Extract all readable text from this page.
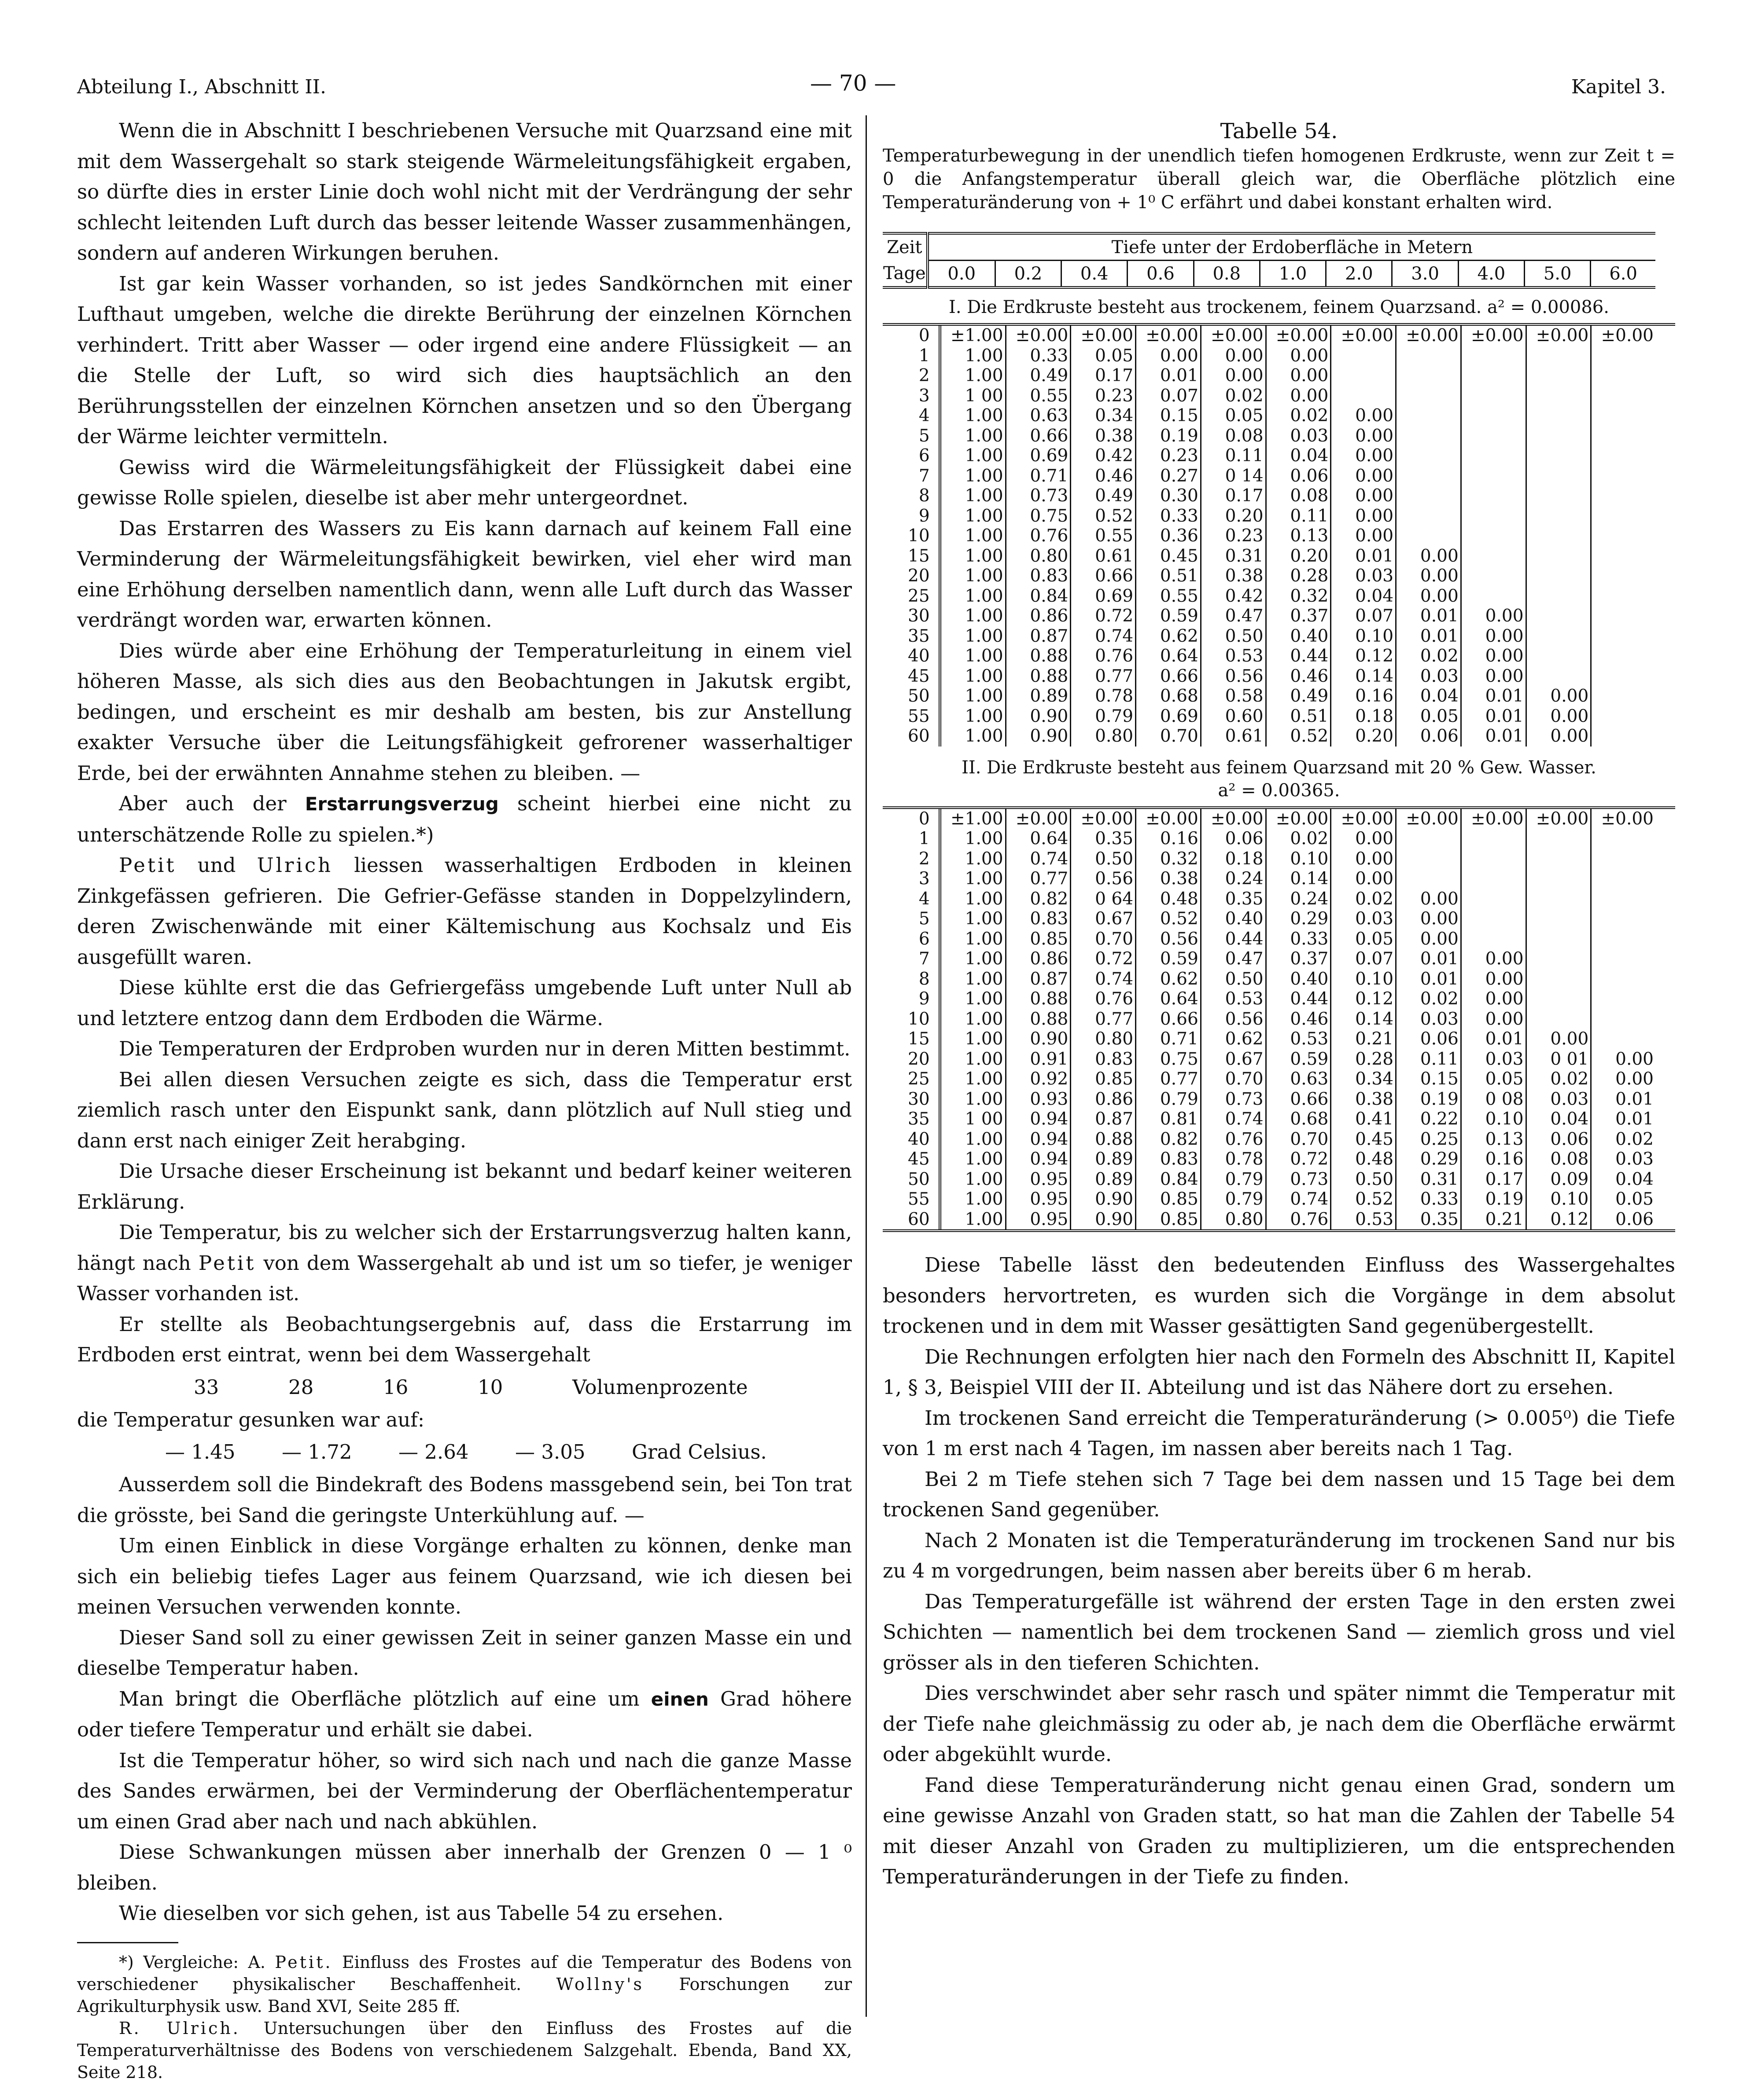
Abteilung I., Abschnitt II.	— 70 —	Kapitel 3.

Wenn die in Abschnitt I beschriebenen Versuche mit Quarzsand eine mit mit dem Wassergehalt so stark steigende Wärmeleitungsfähigkeit ergaben, so dürfte dies in erster Linie doch wohl nicht mit der Verdrängung der sehr schlecht leitenden Luft durch das besser leitende Wasser zusammenhängen, sondern auf anderen Wirkungen beruhen.

Ist gar kein Wasser vorhanden, so ist jedes Sandkörnchen mit einer Lufthaut umgeben, welche die direkte Berührung der einzelnen Körnchen verhindert. Tritt aber Wasser — oder irgend eine andere Flüssigkeit — an die Stelle der Luft, so wird sich dies hauptsächlich an den Berührungsstellen der einzelnen Körnchen ansetzen und so den Übergang der Wärme leichter vermitteln.

Gewiss wird die Wärmeleitungsfähigkeit der Flüssigkeit dabei eine gewisse Rolle spielen, dieselbe ist aber mehr untergeordnet.

Das Erstarren des Wassers zu Eis kann darnach auf keinem Fall eine Verminderung der Wärmeleitungsfähigkeit bewirken, viel eher wird man eine Erhöhung derselben namentlich dann, wenn alle Luft durch das Wasser verdrängt worden war, erwarten können.

Dies würde aber eine Erhöhung der Temperaturleitung in einem viel höheren Masse, als sich dies aus den Beobachtungen in Jakutsk ergibt, bedingen, und erscheint es mir deshalb am besten, bis zur Anstellung exakter Versuche über die Leitungsfähigkeit gefrorener wasserhaltiger Erde, bei der erwähnten Annahme stehen zu bleiben. —

Aber auch der Erstarrungsverzug scheint hierbei eine nicht zu unterschätzende Rolle zu spielen.*)

Petit und Ulrich liessen wasserhaltigen Erdboden in kleinen Zinkgefässen gefrieren. Die Gefrier-Gefässe standen in Doppelzylindern, deren Zwischenwände mit einer Kältemischung aus Kochsalz und Eis ausgefüllt waren.

Diese kühlte erst die das Gefriergefäss umgebende Luft unter Null ab und letztere entzog dann dem Erdboden die Wärme.

Die Temperaturen der Erdproben wurden nur in deren Mitten bestimmt.

Bei allen diesen Versuchen zeigte es sich, dass die Temperatur erst ziemlich rasch unter den Eispunkt sank, dann plötzlich auf Null stieg und dann erst nach einiger Zeit herabging.

Die Ursache dieser Erscheinung ist bekannt und bedarf keiner weiteren Erklärung.

Die Temperatur, bis zu welcher sich der Erstarrungsverzug halten kann, hängt nach Petit von dem Wassergehalt ab und ist um so tiefer, je weniger Wasser vorhanden ist.

Er stellte als Beobachtungsergebnis auf, dass die Erstarrung im Erdboden erst eintrat, wenn bei dem Wassergehalt

33	28	16	10	Volumenprozente

die Temperatur gesunken war auf:

— 1.45	— 1.72	— 2.64	— 3.05	Grad Celsius.

Ausserdem soll die Bindekraft des Bodens massgebend sein, bei Ton trat die grösste, bei Sand die geringste Unterkühlung auf. —

Um einen Einblick in diese Vorgänge erhalten zu können, denke man sich ein beliebig tiefes Lager aus feinem Quarzsand, wie ich diesen bei meinen Versuchen verwenden konnte.

Dieser Sand soll zu einer gewissen Zeit in seiner ganzen Masse ein und dieselbe Temperatur haben.

Man bringt die Oberfläche plötzlich auf eine um einen Grad höhere oder tiefere Temperatur und erhält sie dabei.

Ist die Temperatur höher, so wird sich nach und nach die ganze Masse des Sandes erwärmen, bei der Verminderung der Oberflächentemperatur um einen Grad aber nach und nach abkühlen.

Diese Schwankungen müssen aber innerhalb der Grenzen 0 — 1 ⁰ bleiben.

Wie dieselben vor sich gehen, ist aus Tabelle 54 zu ersehen.

*) Vergleiche: A. Petit. Einfluss des Frostes auf die Temperatur des Bodens von verschiedener physikalischer Beschaffenheit. Wollny's Forschungen zur Agrikulturphysik usw. Band XVI, Seite 285 ff.

R. Ulrich. Untersuchungen über den Einfluss des Frostes auf die Temperaturverhältnisse des Bodens von verschiedenem Salzgehalt. Ebenda, Band XX, Seite 218.

Tabelle 54.
Temperaturbewegung in der unendlich tiefen homogenen Erdkruste, wenn zur Zeit t = 0 die Anfangstemperatur überall gleich war, die Oberfläche plötzlich eine Temperaturänderung von + 1⁰ C erfährt und dabei konstant erhalten wird.
Zeit	Tiefe unter der Erdoberfläche in Metern										
Tage	0.0	0.2	0.4	0.6	0.8	1.0	2.0	3.0	4.0	5.0	6.0
I. Die Erdkruste besteht aus trockenem, feinem Quarzsand. a² = 0.00086.
0	±1.00	±0.00	±0.00	±0.00	±0.00	±0.00	±0.00	±0.00	±0.00	±0.00	±0.00
1	1.00	0.33	0.05	0.00	0.00	0.00					
2	1.00	0.49	0.17	0.01	0.00	0.00					
3	1 00	0.55	0.23	0.07	0.02	0.00					
4	1.00	0.63	0.34	0.15	0.05	0.02	0.00				
5	1.00	0.66	0.38	0.19	0.08	0.03	0.00				
6	1.00	0.69	0.42	0.23	0.11	0.04	0.00				
7	1.00	0.71	0.46	0.27	0 14	0.06	0.00				
8	1.00	0.73	0.49	0.30	0.17	0.08	0.00				
9	1.00	0.75	0.52	0.33	0.20	0.11	0.00				
10	1.00	0.76	0.55	0.36	0.23	0.13	0.00				
15	1.00	0.80	0.61	0.45	0.31	0.20	0.01	0.00			
20	1.00	0.83	0.66	0.51	0.38	0.28	0.03	0.00			
25	1.00	0.84	0.69	0.55	0.42	0.32	0.04	0.00			
30	1.00	0.86	0.72	0.59	0.47	0.37	0.07	0.01	0.00		
35	1.00	0.87	0.74	0.62	0.50	0.40	0.10	0.01	0.00		
40	1.00	0.88	0.76	0.64	0.53	0.44	0.12	0.02	0.00		
45	1.00	0.88	0.77	0.66	0.56	0.46	0.14	0.03	0.00		
50	1.00	0.89	0.78	0.68	0.58	0.49	0.16	0.04	0.01	0.00	
55	1.00	0.90	0.79	0.69	0.60	0.51	0.18	0.05	0.01	0.00	
60	1.00	0.90	0.80	0.70	0.61	0.52	0.20	0.06	0.01	0.00	
II. Die Erdkruste besteht aus feinem Quarzsand mit 20 % Gew. Wasser.
a² = 0.00365.
0	±1.00	±0.00	±0.00	±0.00	±0.00	±0.00	±0.00	±0.00	±0.00	±0.00	±0.00
1	1.00	0.64	0.35	0.16	0.06	0.02	0.00				
2	1.00	0.74	0.50	0.32	0.18	0.10	0.00				
3	1.00	0.77	0.56	0.38	0.24	0.14	0.00				
4	1.00	0.82	0 64	0.48	0.35	0.24	0.02	0.00			
5	1.00	0.83	0.67	0.52	0.40	0.29	0.03	0.00			
6	1.00	0.85	0.70	0.56	0.44	0.33	0.05	0.00			
7	1.00	0.86	0.72	0.59	0.47	0.37	0.07	0.01	0.00		
8	1.00	0.87	0.74	0.62	0.50	0.40	0.10	0.01	0.00		
9	1.00	0.88	0.76	0.64	0.53	0.44	0.12	0.02	0.00		
10	1.00	0.88	0.77	0.66	0.56	0.46	0.14	0.03	0.00		
15	1.00	0.90	0.80	0.71	0.62	0.53	0.21	0.06	0.01	0.00	
20	1.00	0.91	0.83	0.75	0.67	0.59	0.28	0.11	0.03	0 01	0.00
25	1.00	0.92	0.85	0.77	0.70	0.63	0.34	0.15	0.05	0.02	0.00
30	1.00	0.93	0.86	0.79	0.73	0.66	0.38	0.19	0 08	0.03	0.01
35	1 00	0.94	0.87	0.81	0.74	0.68	0.41	0.22	0.10	0.04	0.01
40	1.00	0.94	0.88	0.82	0.76	0.70	0.45	0.25	0.13	0.06	0.02
45	1.00	0.94	0.89	0.83	0.78	0.72	0.48	0.29	0.16	0.08	0.03
50	1.00	0.95	0.89	0.84	0.79	0.73	0.50	0.31	0.17	0.09	0.04
55	1.00	0.95	0.90	0.85	0.79	0.74	0.52	0.33	0.19	0.10	0.05
60	1.00	0.95	0.90	0.85	0.80	0.76	0.53	0.35	0.21	0.12	0.06

Diese Tabelle lässt den bedeutenden Einfluss des Wassergehaltes besonders hervortreten, es wurden sich die Vorgänge in dem absolut trockenen und in dem mit Wasser gesättigten Sand gegenübergestellt.

Die Rechnungen erfolgten hier nach den Formeln des Abschnitt II, Kapitel 1, § 3, Beispiel VIII der II. Abteilung und ist das Nähere dort zu ersehen.

Im trockenen Sand erreicht die Temperaturänderung (> 0.005⁰) die Tiefe von 1 m erst nach 4 Tagen, im nassen aber bereits nach 1 Tag.

Bei 2 m Tiefe stehen sich 7 Tage bei dem nassen und 15 Tage bei dem trockenen Sand gegenüber.

Nach 2 Monaten ist die Temperaturänderung im trockenen Sand nur bis zu 4 m vorgedrungen, beim nassen aber bereits über 6 m herab.

Das Temperaturgefälle ist während der ersten Tage in den ersten zwei Schichten — namentlich bei dem trockenen Sand — ziemlich gross und viel grösser als in den tieferen Schichten.

Dies verschwindet aber sehr rasch und später nimmt die Temperatur mit der Tiefe nahe gleichmässig zu oder ab, je nach dem die Oberfläche erwärmt oder abgekühlt wurde.

Fand diese Temperaturänderung nicht genau einen Grad, sondern um eine gewisse Anzahl von Graden statt, so hat man die Zahlen der Tabelle 54 mit dieser Anzahl von Graden zu multiplizieren, um die entsprechenden Temperaturänderungen in der Tiefe zu finden.
